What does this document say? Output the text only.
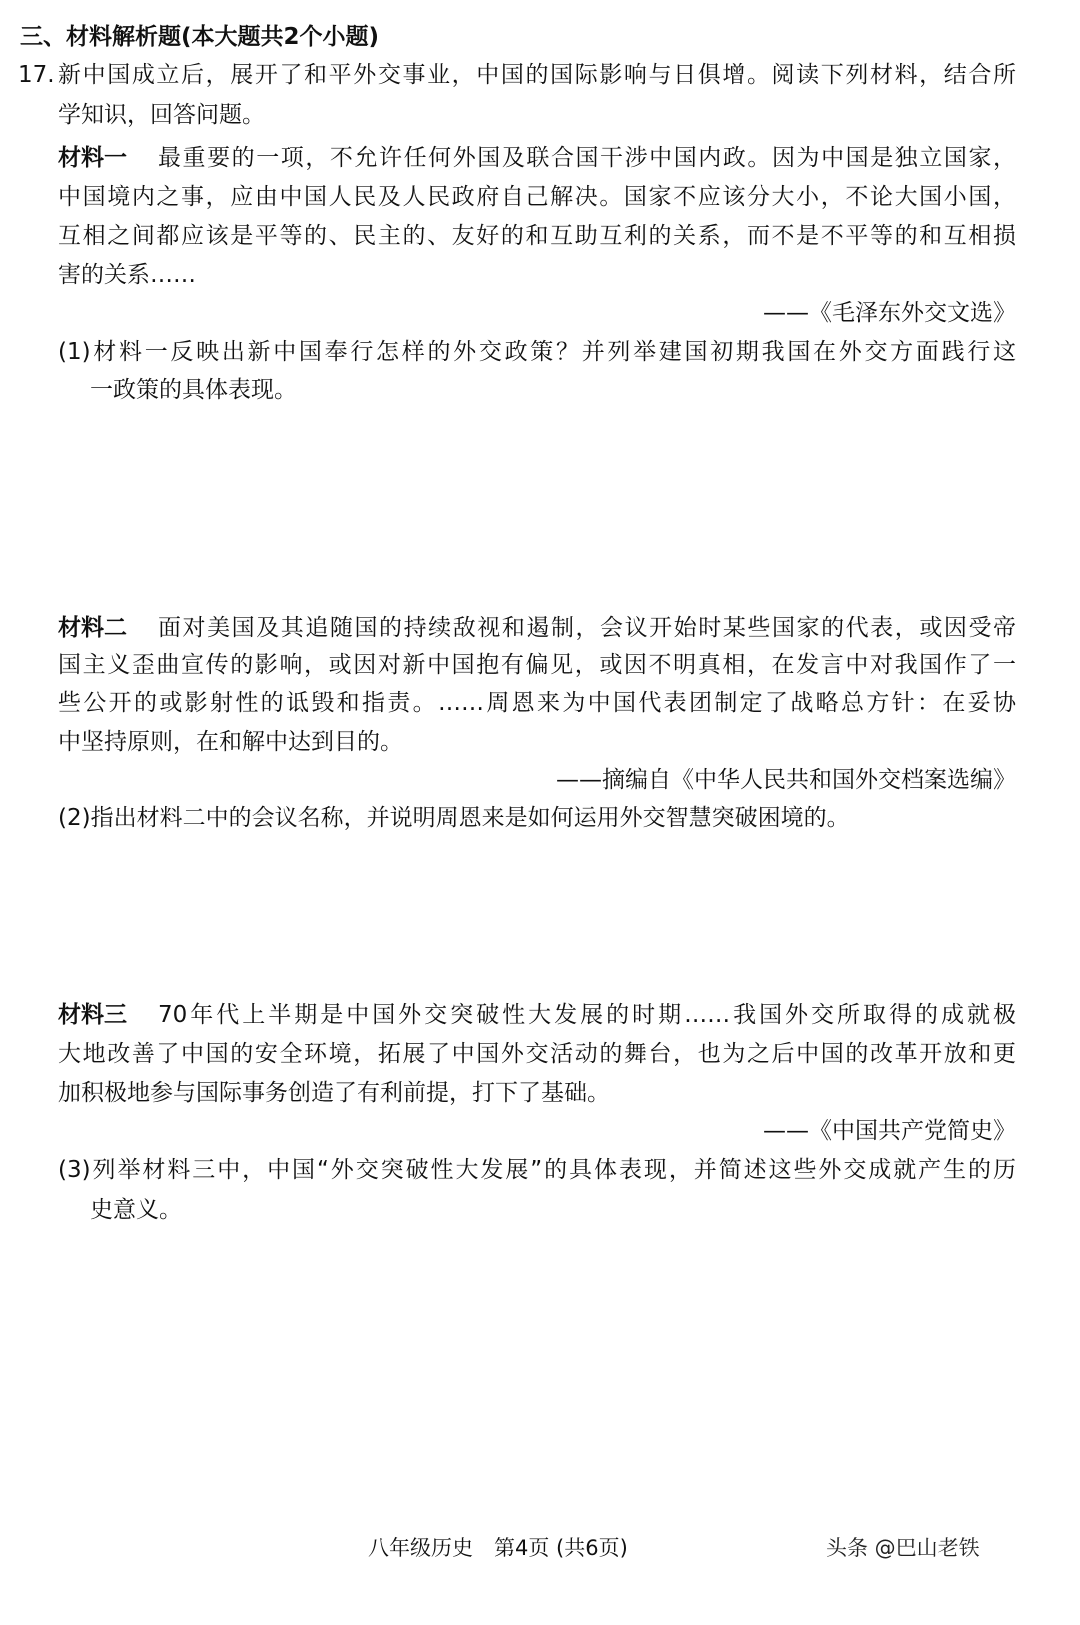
三、材料解析题(本大题共2个小题)
17. 新中国成立后，展开了和平外交事业，中国的国际影响与日俱增。阅读下列材料，结合所
学知识，回答问题。
材料一 最重要的一项，不允许任何外国及联合国干涉中国内政。因为中国是独立国家，
中国境内之事，应由中国人民及人民政府自己解决。国家不应该分大小，不论大国小国，
互相之间都应该是平等的、民主的、友好的和互助互利的关系，而不是不平等的和互相损
害的关系……
——《毛泽东外交文选》
(1)材料一反映出新中国奉行怎样的外交政策？并列举建国初期我国在外交方面践行这
一政策的具体表现。
材料二 面对美国及其追随国的持续敌视和遏制，会议开始时某些国家的代表，或因受帝
国主义歪曲宣传的影响，或因对新中国抱有偏见，或因不明真相，在发言中对我国作了一
些公开的或影射性的诋毁和指责。……周恩来为中国代表团制定了战略总方针：在妥协
中坚持原则，在和解中达到目的。
——摘编自《中华人民共和国外交档案选编》
(2)指出材料二中的会议名称，并说明周恩来是如何运用外交智慧突破困境的。
材料三 70年代上半期是中国外交突破性大发展的时期……我国外交所取得的成就极
大地改善了中国的安全环境，拓展了中国外交活动的舞台，也为之后中国的改革开放和更
加积极地参与国际事务创造了有利前提，打下了基础。
——《中国共产党简史》
(3)列举材料三中，中国“外交突破性大发展”的具体表现，并简述这些外交成就产生的历
史意义。
八年级历史　第4页 (共6页)	头条 @巴山老铁
